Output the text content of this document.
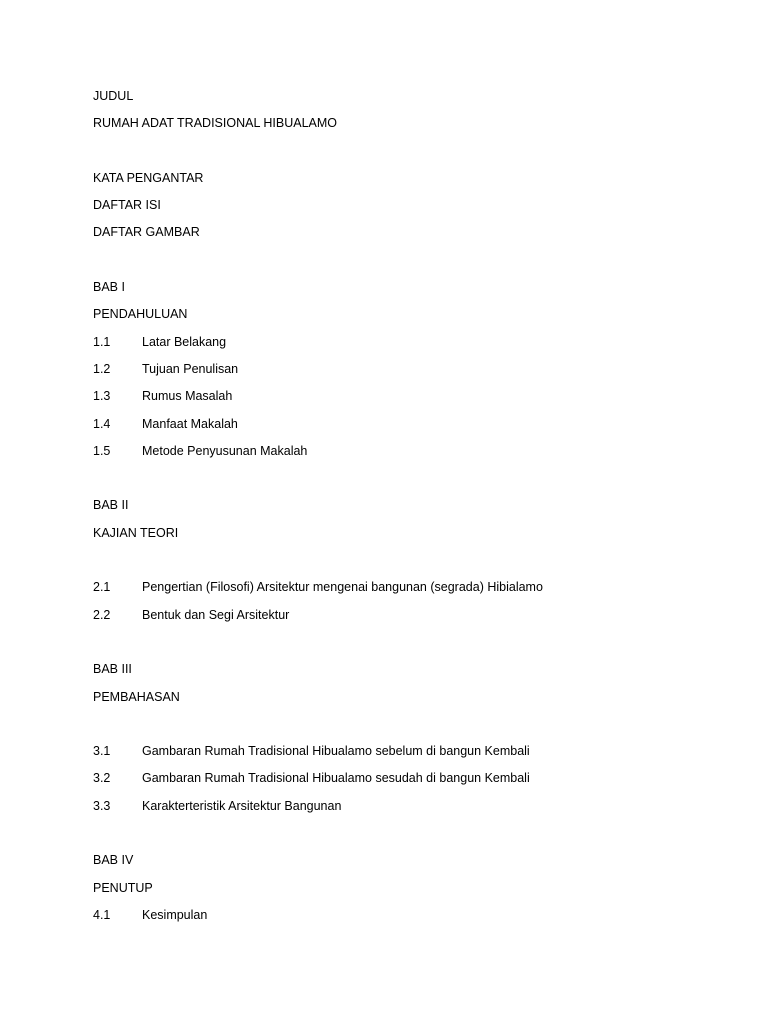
JUDUL
RUMAH ADAT TRADISIONAL HIBUALAMO
KATA PENGANTAR
DAFTAR ISI
DAFTAR GAMBAR
BAB I
PENDAHULUAN
1.1	Latar Belakang
1.2	Tujuan Penulisan
1.3	Rumus Masalah
1.4	Manfaat Makalah
1.5	Metode Penyusunan Makalah
BAB II
KAJIAN TEORI
2.1	Pengertian (Filosofi) Arsitektur mengenai bangunan (segrada) Hibialamo
2.2	Bentuk dan Segi Arsitektur
BAB III
PEMBAHASAN
3.1	Gambaran Rumah Tradisional Hibualamo sebelum di bangun Kembali
3.2	Gambaran Rumah Tradisional Hibualamo sesudah di bangun Kembali
3.3	Karakterteristik Arsitektur Bangunan
BAB IV
PENUTUP
4.1	Kesimpulan
